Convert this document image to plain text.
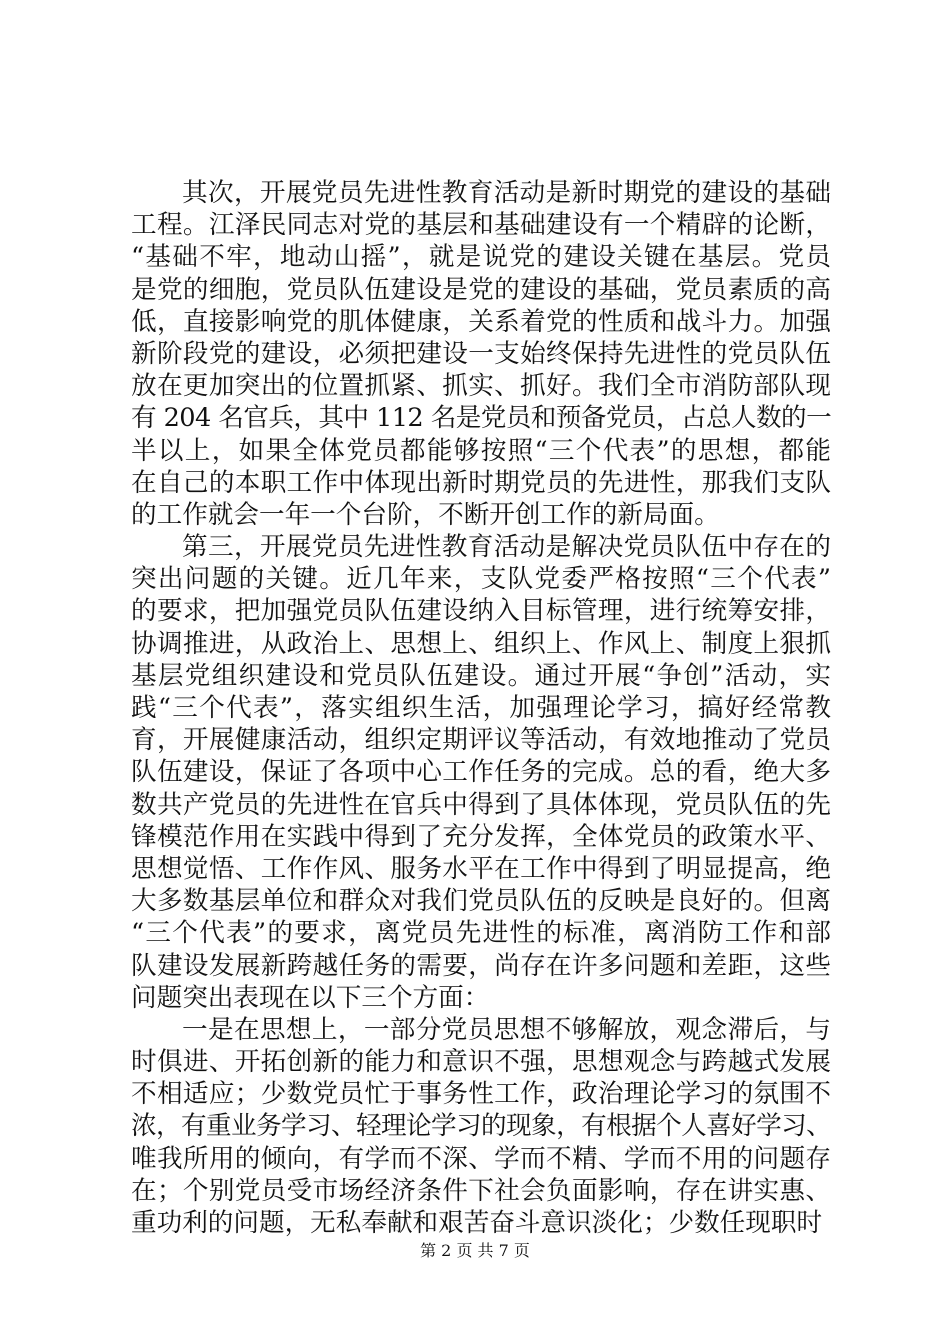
其次，开展党员先进性教育活动是新时期党的建设的基础
工程。江泽民同志对党的基层和基础建设有一个精辟的论断，
“基础不牢，地动山摇”，就是说党的建设关键在基层。党员
是党的细胞，党员队伍建设是党的建设的基础，党员素质的高
低，直接影响党的肌体健康，关系着党的性质和战斗力。加强
新阶段党的建设，必须把建设一支始终保持先进性的党员队伍
放在更加突出的位置抓紧、抓实、抓好。我们全市消防部队现
有 204 名官兵，其中 112 名是党员和预备党员，占总人数的一
半以上，如果全体党员都能够按照“三个代表”的思想，都能
在自己的本职工作中体现出新时期党员的先进性，那我们支队
的工作就会一年一个台阶，不断开创工作的新局面。
第三，开展党员先进性教育活动是解决党员队伍中存在的
突出问题的关键。近几年来，支队党委严格按照“三个代表”
的要求，把加强党员队伍建设纳入目标管理，进行统筹安排，
协调推进，从政治上、思想上、组织上、作风上、制度上狠抓
基层党组织建设和党员队伍建设。通过开展“争创”活动，实
践“三个代表”，落实组织生活，加强理论学习，搞好经常教
育，开展健康活动，组织定期评议等活动，有效地推动了党员
队伍建设，保证了各项中心工作任务的完成。总的看，绝大多
数共产党员的先进性在官兵中得到了具体体现，党员队伍的先
锋模范作用在实践中得到了充分发挥，全体党员的政策水平、
思想觉悟、工作作风、服务水平在工作中得到了明显提高，绝
大多数基层单位和群众对我们党员队伍的反映是良好的。但离
“三个代表”的要求，离党员先进性的标准，离消防工作和部
队建设发展新跨越任务的需要，尚存在许多问题和差距，这些
问题突出表现在以下三个方面：
一是在思想上，一部分党员思想不够解放，观念滞后，与
时俱进、开拓创新的能力和意识不强，思想观念与跨越式发展
不相适应；少数党员忙于事务性工作，政治理论学习的氛围不
浓，有重业务学习、轻理论学习的现象，有根据个人喜好学习、
唯我所用的倾向，有学而不深、学而不精、学而不用的问题存
在；个别党员受市场经济条件下社会负面影响，存在讲实惠、
重功利的问题，无私奉献和艰苦奋斗意识淡化；少数任现职时
第 2 页 共 7 页
